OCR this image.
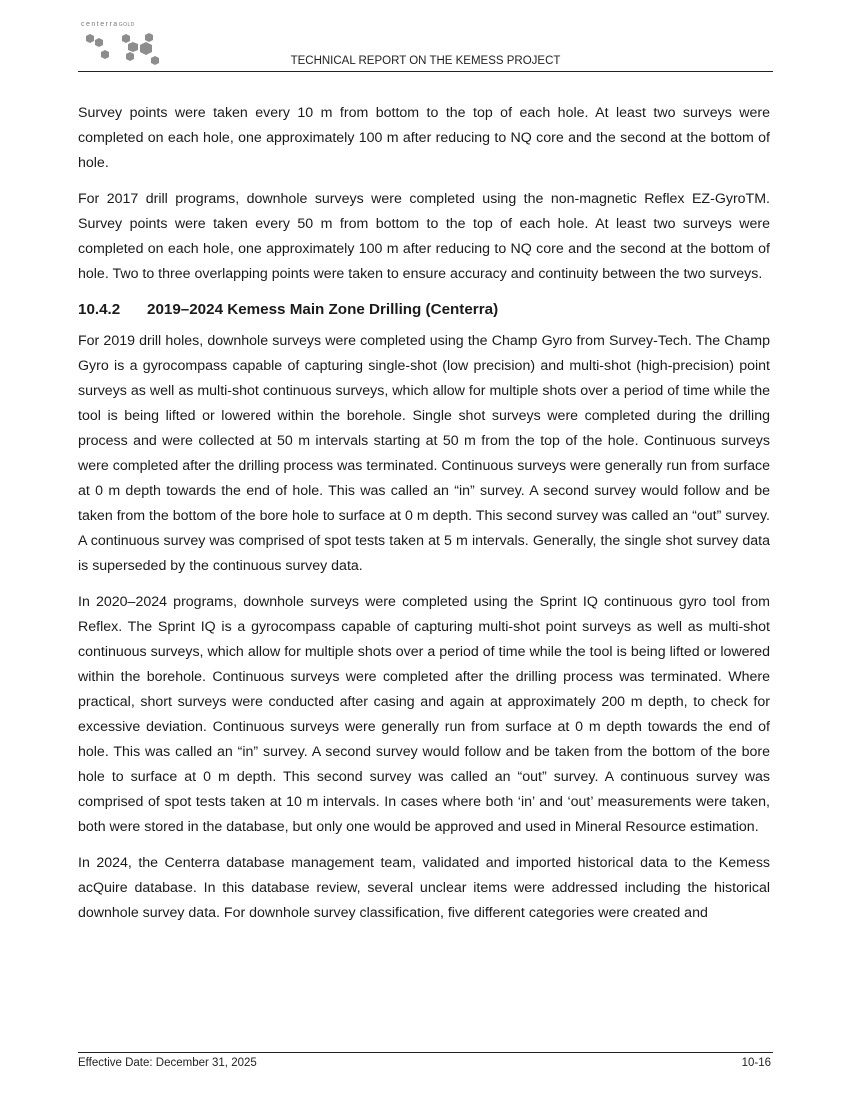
centerraGOLD
TECHNICAL REPORT ON THE KEMESS PROJECT

Survey points were taken every 10 m from bottom to the top of each hole. At least two surveys were completed on each hole, one approximately 100 m after reducing to NQ core and the second at the bottom of hole.

For 2017 drill programs, downhole surveys were completed using the non-magnetic Reflex EZ-GyroTM. Survey points were taken every 50 m from bottom to the top of each hole. At least two surveys were completed on each hole, one approximately 100 m after reducing to NQ core and the second at the bottom of hole. Two to three overlapping points were taken to ensure accuracy and continuity between the two surveys.

10.4.2 2019–2024 Kemess Main Zone Drilling (Centerra)

For 2019 drill holes, downhole surveys were completed using the Champ Gyro from Survey-Tech. The Champ Gyro is a gyrocompass capable of capturing single-shot (low precision) and multi-shot (high-precision) point surveys as well as multi-shot continuous surveys, which allow for multiple shots over a period of time while the tool is being lifted or lowered within the borehole. Single shot surveys were completed during the drilling process and were collected at 50 m intervals starting at 50 m from the top of the hole. Continuous surveys were completed after the drilling process was terminated. Continuous surveys were generally run from surface at 0 m depth towards the end of hole. This was called an “in” survey. A second survey would follow and be taken from the bottom of the bore hole to surface at 0 m depth. This second survey was called an “out” survey. A continuous survey was comprised of spot tests taken at 5 m intervals. Generally, the single shot survey data is superseded by the continuous survey data.

In 2020–2024 programs, downhole surveys were completed using the Sprint IQ continuous gyro tool from Reflex. The Sprint IQ is a gyrocompass capable of capturing multi-shot point surveys as well as multi-shot continuous surveys, which allow for multiple shots over a period of time while the tool is being lifted or lowered within the borehole. Continuous surveys were completed after the drilling process was terminated. Where practical, short surveys were conducted after casing and again at approximately 200 m depth, to check for excessive deviation. Continuous surveys were generally run from surface at 0 m depth towards the end of hole. This was called an “in” survey. A second survey would follow and be taken from the bottom of the bore hole to surface at 0 m depth. This second survey was called an “out” survey. A continuous survey was comprised of spot tests taken at 10 m intervals. In cases where both ‘in’ and ‘out’ measurements were taken, both were stored in the database, but only one would be approved and used in Mineral Resource estimation.

In 2024, the Centerra database management team, validated and imported historical data to the Kemess acQuire database. In this database review, several unclear items were addressed including the historical downhole survey data. For downhole survey classification, five different categories were created and

Effective Date: December 31, 2025	10-16
